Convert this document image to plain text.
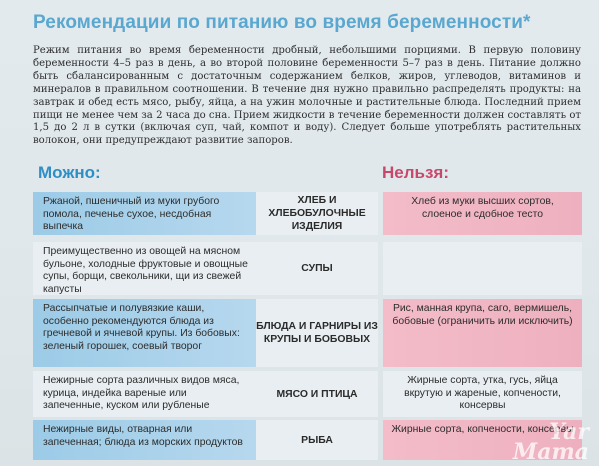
Рекомендации по питанию во время беременности*
Режим питания во время беременности дробный, небольшими порциями. В первую половину беременности 4–5 раз в день, а во второй половине беременности 5–7 раз в день. Питание должно быть сбалансированным с достаточным содержанием белков, жиров, углеводов, витаминов и минералов в правильном соотношении. В течение дня нужно правильно распределять продукты: на завтрак и обед есть мясо, рыбу, яйца, а на ужин молочные и растительные блюда. Последний прием пищи не менее чем за 2 часа до сна. Прием жидкости в течение беременности должен составлять от 1,5 до 2 л в сутки (включая суп, чай, компот и воду). Следует больше употреблять растительных волокон, они предупреждают развитие запоров.
Можно:	Нельзя:
Ржаной, пшеничный из муки грубого помола, печенье сухое, несдобная выпечка
ХЛЕБ И ХЛЕБОБУЛОЧНЫЕ ИЗДЕЛИЯ
Хлеб из муки высших сортов, слоеное и сдобное тесто
Преимущественно из овощей на мясном бульоне, холодные фруктовые и овощные супы, борщи, свекольники, щи из свежей капусты
СУПЫ
Рассыпчатые и полувязкие каши, особенно рекомендуются блюда из гречневой и ячневой крупы. Из бобовых: зеленый горошек, соевый творог
БЛЮДА И ГАРНИРЫ ИЗ КРУПЫ И БОБОВЫХ
Рис, манная крупа, саго, вермишель, бобовые (ограничить или исключить)
Нежирные сорта различных видов мяса, курица, индейка вареные или запеченные, куском или рубленые
МЯСО И ПТИЦА
Жирные сорта, утка, гусь, яйца вкрутую и жареные, копчености, консервы
Нежирные виды, отварная или запеченная; блюда из морских продуктов	РЫБА
Жирные сорта, копчености, консервы
Yar
Mama
